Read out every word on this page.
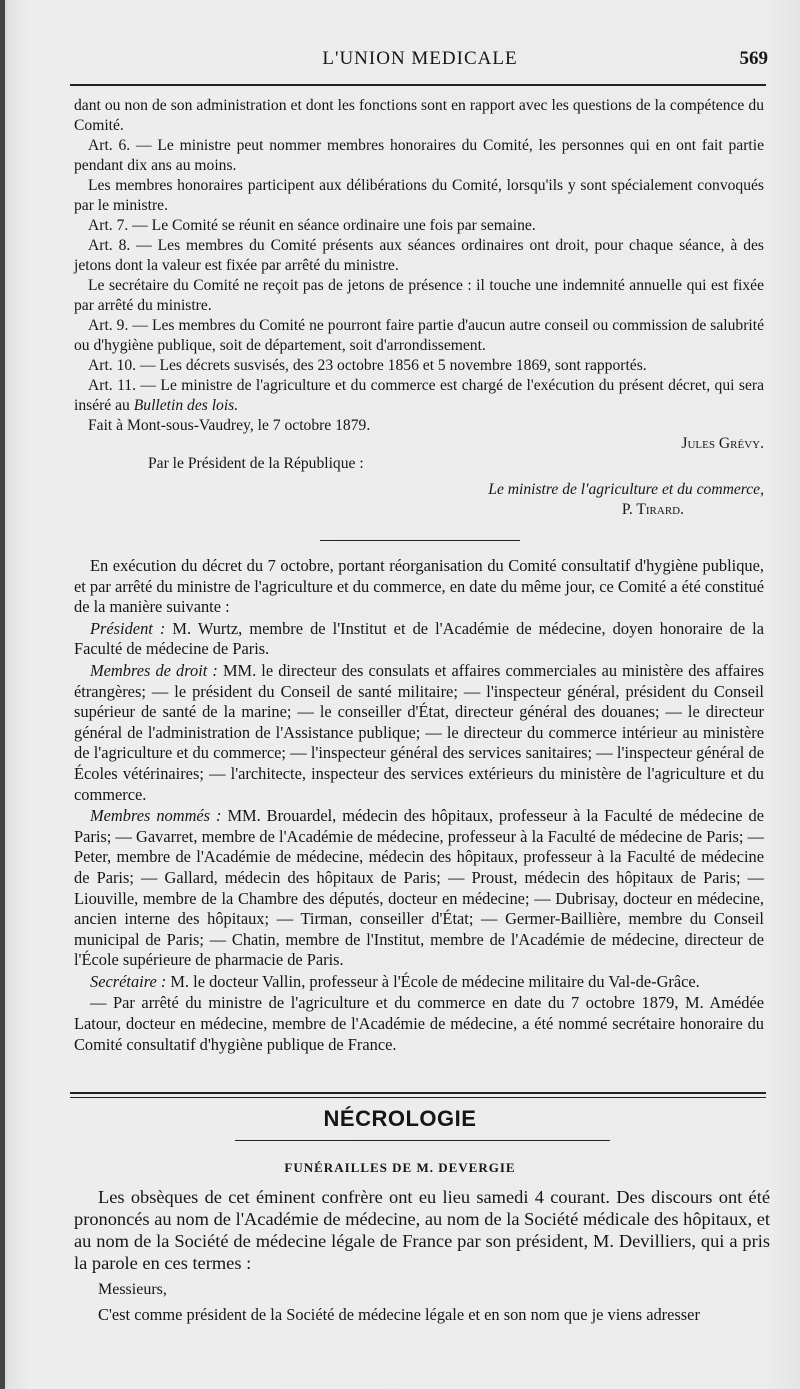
L'UNION MEDICALE	569

dant ou non de son administration et dont les fonctions sont en rapport avec les questions de la compétence du Comité.

Art. 6. — Le ministre peut nommer membres honoraires du Comité, les personnes qui en ont fait partie pendant dix ans au moins.

Les membres honoraires participent aux délibérations du Comité, lorsqu'ils y sont spécialement convoqués par le ministre.

Art. 7. — Le Comité se réunit en séance ordinaire une fois par semaine.

Art. 8. — Les membres du Comité présents aux séances ordinaires ont droit, pour chaque séance, à des jetons dont la valeur est fixée par arrêté du ministre.

Le secrétaire du Comité ne reçoit pas de jetons de présence : il touche une indemnité annuelle qui est fixée par arrêté du ministre.

Art. 9. — Les membres du Comité ne pourront faire partie d'aucun autre conseil ou commission de salubrité ou d'hygiène publique, soit de département, soit d'arrondissement.

Art. 10. — Les décrets susvisés, des 23 octobre 1856 et 5 novembre 1869, sont rapportés.

Art. 11. — Le ministre de l'agriculture et du commerce est chargé de l'exécution du présent décret, qui sera inséré au Bulletin des lois.

Fait à Mont-sous-Vaudrey, le 7 octobre 1879.

Jules Grévy.

Par le Président de la République :

Le ministre de l'agriculture et du commerce,

P. Tirard.

En exécution du décret du 7 octobre, portant réorganisation du Comité consultatif d'hygiène publique, et par arrêté du ministre de l'agriculture et du commerce, en date du même jour, ce Comité a été constitué de la manière suivante :

Président : M. Wurtz, membre de l'Institut et de l'Académie de médecine, doyen honoraire de la Faculté de médecine de Paris.

Membres de droit : MM. le directeur des consulats et affaires commerciales au ministère des affaires étrangères; — le président du Conseil de santé militaire; — l'inspecteur général, président du Conseil supérieur de santé de la marine; — le conseiller d'État, directeur général des douanes; — le directeur général de l'administration de l'Assistance publique; — le directeur du commerce intérieur au ministère de l'agriculture et du commerce; — l'inspecteur général des services sanitaires; — l'inspecteur général de Écoles vétérinaires; — l'architecte, inspecteur des services extérieurs du ministère de l'agriculture et du commerce.

Membres nommés : MM. Brouardel, médecin des hôpitaux, professeur à la Faculté de médecine de Paris; — Gavarret, membre de l'Académie de médecine, professeur à la Faculté de médecine de Paris; — Peter, membre de l'Académie de médecine, médecin des hôpitaux, professeur à la Faculté de médecine de Paris; — Gallard, médecin des hôpitaux de Paris; — Proust, médecin des hôpitaux de Paris; — Liouville, membre de la Chambre des députés, docteur en médecine; — Dubrisay, docteur en médecine, ancien interne des hôpitaux; — Tirman, conseiller d'État; — Germer-Baillière, membre du Conseil municipal de Paris; — Chatin, membre de l'Institut, membre de l'Académie de médecine, directeur de l'École supérieure de pharmacie de Paris.

Secrétaire : M. le docteur Vallin, professeur à l'École de médecine militaire du Val-de-Grâce.

— Par arrêté du ministre de l'agriculture et du commerce en date du 7 octobre 1879, M. Amédée Latour, docteur en médecine, membre de l'Académie de médecine, a été nommé secrétaire honoraire du Comité consultatif d'hygiène publique de France.

NÉCROLOGIE
FUNÉRAILLES DE M. DEVERGIE

Les obsèques de cet éminent confrère ont eu lieu samedi 4 courant. Des discours ont été prononcés au nom de l'Académie de médecine, au nom de la Société médicale des hôpitaux, et au nom de la Société de médecine légale de France par son président, M. Devilliers, qui a pris la parole en ces termes :

Messieurs,

C'est comme président de la Société de médecine légale et en son nom que je viens adresser
